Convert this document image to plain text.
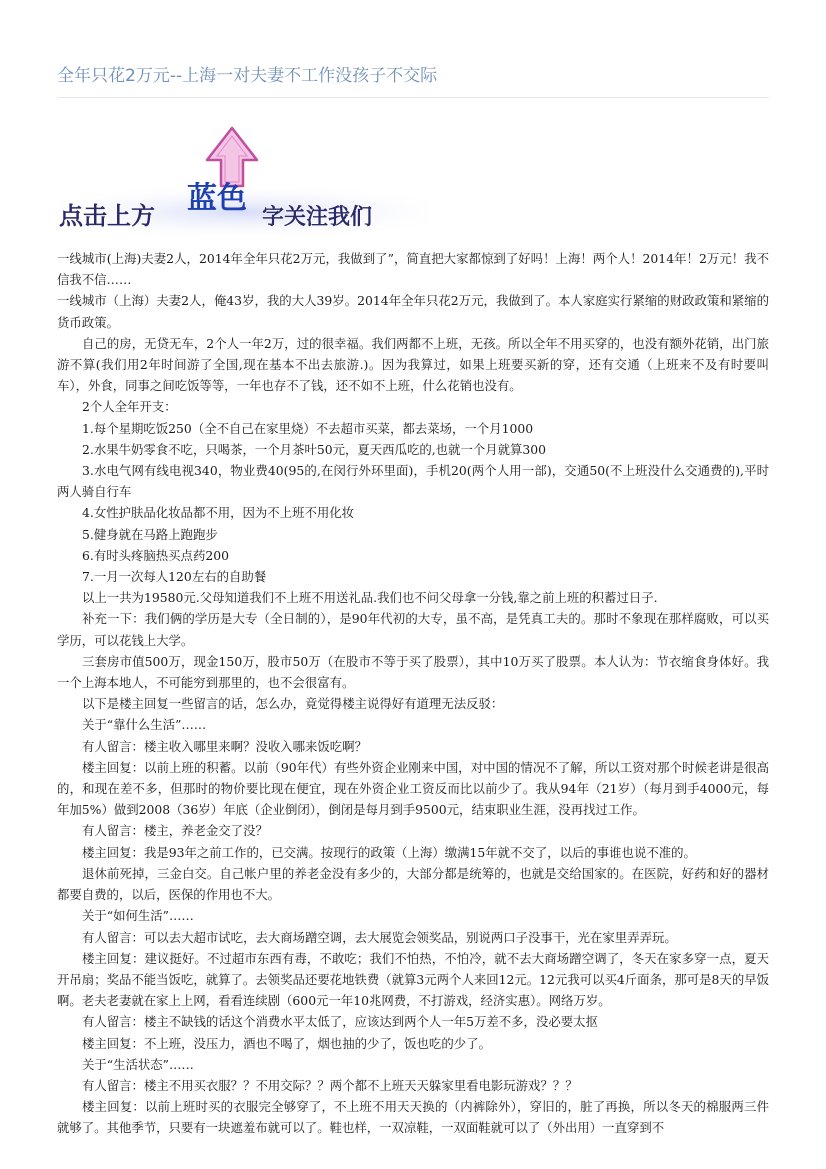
全年只花2万元--上海一对夫妻不工作没孩子不交际
点击上方 蓝色
字关注我们

一线城市(上海)夫妻2人，2014年全年只花2万元，我做到了”，简直把大家都惊到了好吗！上海！两个人！2014年！2万元！我不信我不信……

一线城市（上海）夫妻2人，俺43岁，我的大人39岁。2014年全年只花2万元，我做到了。本人家庭实行紧缩的财政政策和紧缩的货币政策。

自己的房，无贷无车，2个人一年2万，过的很幸福。我们两都不上班，无孩。所以全年不用买穿的，也没有额外花销，出门旅游不算(我们用2年时间游了全国,现在基本不出去旅游.)。因为我算过，如果上班要买新的穿，还有交通（上班来不及有时要叫车），外食，同事之间吃饭等等，一年也存不了钱，还不如不上班，什么花销也没有。

2个人全年开支：

1.每个星期吃饭250（全不自己在家里烧）不去超市买菜，都去菜场，一个月1000

2.水果牛奶零食不吃，只喝茶，一个月茶叶50元，夏天西瓜吃的,也就一个月就算300

3.水电气网有线电视340，物业费40(95的,在闵行外环里面)，手机20(两个人用一部)，交通50(不上班没什么交通费的),平时两人骑自行车

4.女性护肤品化妆品都不用，因为不上班不用化妆

5.健身就在马路上跑跑步

6.有时头疼脑热买点药200

7.一月一次每人120左右的自助餐

以上一共为19580元.父母知道我们不上班不用送礼品.我们也不问父母拿一分钱,靠之前上班的积蓄过日子.

补充一下：我们俩的学历是大专（全日制的），是90年代初的大专，虽不高，是凭真工夫的。那时不象现在那样腐败，可以买学历，可以花钱上大学。

三套房市值500万，现金150万，股市50万（在股市不等于买了股票），其中10万买了股票。本人认为：节衣缩食身体好。我一个上海本地人，不可能穷到那里的，也不会很富有。

以下是楼主回复一些留言的话，怎么办，竟觉得楼主说得好有道理无法反驳：

关于“靠什么生活”……

有人留言：楼主收入哪里来啊？没收入哪来饭吃啊？

楼主回复：以前上班的积蓄。以前（90年代）有些外资企业刚来中国，对中国的情况不了解，所以工资对那个时候老讲是很高的，和现在差不多，但那时的物价要比现在便宜，现在外资企业工资反而比以前少了。我从94年（21岁）（每月到手4000元，每年加5%）做到2008（36岁）年底（企业倒闭），倒闭是每月到手9500元，结束职业生涯，没再找过工作。

有人留言：楼主，养老金交了没？

楼主回复：我是93年之前工作的，已交满。按现行的政策（上海）缴满15年就不交了，以后的事谁也说不准的。

退休前死掉，三金白交。自己帐户里的养老金没有多少的，大部分都是统筹的，也就是交给国家的。在医院，好药和好的器材都要自费的，以后，医保的作用也不大。

关于“如何生活”……

有人留言：可以去大超市试吃，去大商场蹭空调，去大展览会领奖品，别说两口子没事干，光在家里弄弄玩。

楼主回复：建议挺好。不过超市东西有毒，不敢吃；我们不怕热，不怕冷，就不去大商场蹭空调了，冬天在家多穿一点，夏天开吊扇；奖品不能当饭吃，就算了。去领奖品还要花地铁费（就算3元两个人来回12元。12元我可以买4斤面条，那可是8天的早饭啊。老夫老妻就在家上上网，看看连续剧（600元一年10兆网费，不打游戏，经济实惠）。网络万岁。

有人留言：楼主不缺钱的话这个消费水平太低了，应该达到两个人一年5万差不多，没必要太抠

楼主回复：不上班，没压力，酒也不喝了，烟也抽的少了，饭也吃的少了。

关于“生活状态”……

有人留言：楼主不用买衣服？？不用交际？？两个都不上班天天躲家里看电影玩游戏？？？

楼主回复：以前上班时买的衣服完全够穿了，不上班不用天天换的（内裤除外），穿旧的，脏了再换，所以冬天的棉服两三件就够了。其他季节，只要有一块遮羞布就可以了。鞋也样，一双凉鞋，一双面鞋就可以了（外出用）一直穿到不
